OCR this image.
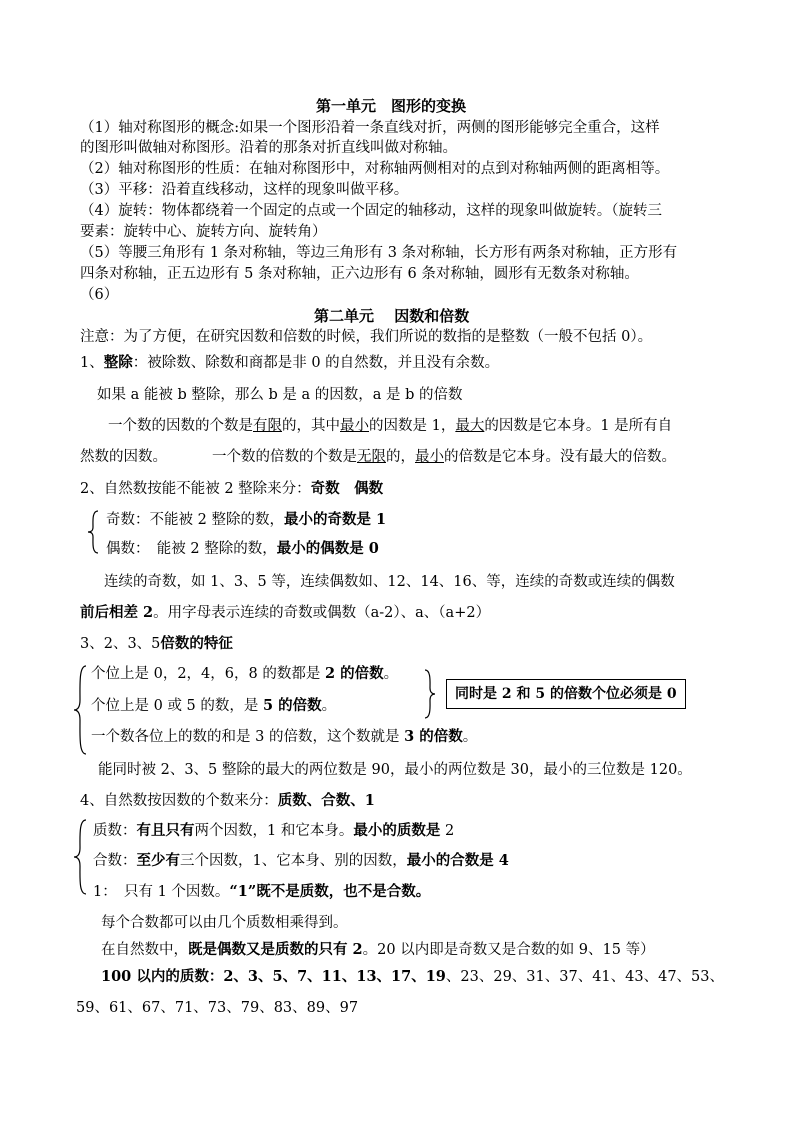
第一单元　图形的变换
（1）轴对称图形的概念:如果一个图形沿着一条直线对折，两侧的图形能够完全重合，这样
的图形叫做轴对称图形。沿着的那条对折直线叫做对称轴。
（2）轴对称图形的性质：在轴对称图形中，对称轴两侧相对的点到对称轴两侧的距离相等。
（3）平移：沿着直线移动，这样的现象叫做平移。
（4）旋转：物体都绕着一个固定的点或一个固定的轴移动，这样的现象叫做旋转。（旋转三
要素：旋转中心、旋转方向、旋转角）
（5）等腰三角形有 1 条对称轴，等边三角形有 3 条对称轴，长方形有两条对称轴，正方形有
四条对称轴，正五边形有 5 条对称轴，正六边形有 6 条对称轴，圆形有无数条对称轴。
（6）
第二单元　 因数和倍数
注意：为了方便，在研究因数和倍数的时候，我们所说的数指的是整数（一般不包括 0）。
1、整除：被除数、除数和商都是非 0 的自然数，并且没有余数。
如果 a 能被 b 整除，那么 b 是 a 的因数，a 是 b 的倍数
一个数的因数的个数是有限的，其中最小的因数是 1，最大的因数是它本身。1 是所有自
然数的因数。	一个数的倍数的个数是无限的，最小的倍数是它本身。没有最大的倍数。
2、自然数按能不能被 2 整除来分：奇数　偶数
奇数：不能被 2 整除的数，最小的奇数是 1
偶数：　能被 2 整除的数，最小的偶数是 0
连续的奇数，如 1、3、5 等，连续偶数如、12、14、16、等，连续的奇数或连续的偶数
前后相差 2。用字母表示连续的奇数或偶数（a-2）、a、（a+2）
3、2、3、5倍数的特征
个位上是 0，2，4，6，8 的数都是 2 的倍数。
个位上是 0 或 5 的数，是 5 的倍数。
同时是 2 和 5 的倍数个位必须是 0
一个数各位上的数的和是 3 的倍数，这个数就是 3 的倍数。
能同时被 2、3、5 整除的最大的两位数是 90，最小的两位数是 30，最小的三位数是 120。
4、自然数按因数的个数来分：质数、合数、1
质数：有且只有两个因数，1 和它本身。最小的质数是 2
合数：至少有三个因数，1、它本身、别的因数，最小的合数是 4
1：　只有 1 个因数。“1”既不是质数，也不是合数。
每个合数都可以由几个质数相乘得到。
在自然数中，既是偶数又是质数的只有 2。20 以内即是奇数又是合数的如 9、15 等）
100 以内的质数：2、3、5、7、11、13、17、19、23、29、31、37、41、43、47、53、
59、61、67、71、73、79、83、89、97
